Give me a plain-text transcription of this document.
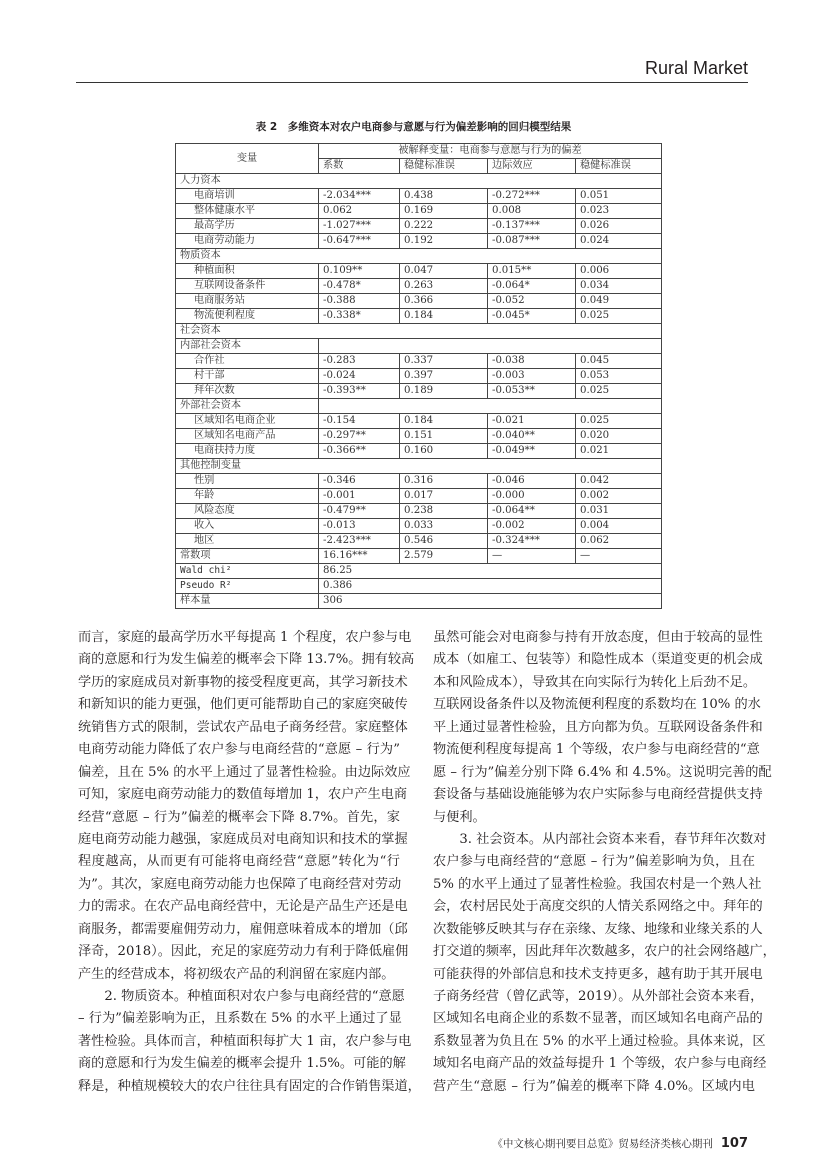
Rural Market
表 2　多维资本对农户电商参与意愿与行为偏差影响的回归模型结果
变量	被解释变量：电商参与意愿与行为的偏差			
	系数	稳健标准误	边际效应	稳健标准误
人力资本				
电商培训	-2.034***	0.438	-0.272***	0.051
整体健康水平	0.062	0.169	0.008	0.023
最高学历	-1.027***	0.222	-0.137***	0.026
电商劳动能力	-0.647***	0.192	-0.087***	0.024
物质资本				
种植面积	0.109**	0.047	0.015**	0.006
互联网设备条件	-0.478*	0.263	-0.064*	0.034
电商服务站	-0.388	0.366	-0.052	0.049
物流便利程度	-0.338*	0.184	-0.045*	0.025
社会资本				
内部社会资本				
合作社	-0.283	0.337	-0.038	0.045
村干部	-0.024	0.397	-0.003	0.053
拜年次数	-0.393**	0.189	-0.053**	0.025
外部社会资本				
区域知名电商企业	-0.154	0.184	-0.021	0.025
区域知名电商产品	-0.297**	0.151	-0.040**	0.020
电商扶持力度	-0.366**	0.160	-0.049**	0.021
其他控制变量				
性别	-0.346	0.316	-0.046	0.042
年龄	-0.001	0.017	-0.000	0.002
风险态度	-0.479**	0.238	-0.064**	0.031
收入	-0.013	0.033	-0.002	0.004
地区	-2.423***	0.546	-0.324***	0.062
常数项	16.16***	2.579	—	—
Wald chi²	86.25			
Pseudo R²	0.386			
样本量	306			
而言，家庭的最高学历水平每提高 1 个程度，农户参与电
商的意愿和行为发生偏差的概率会下降 13.7%。拥有较高
学历的家庭成员对新事物的接受程度更高，其学习新技术
和新知识的能力更强，他们更可能帮助自己的家庭突破传
统销售方式的限制，尝试农产品电子商务经营。家庭整体
电商劳动能力降低了农户参与电商经营的“意愿 – 行为”
偏差，且在 5% 的水平上通过了显著性检验。由边际效应
可知，家庭电商劳动能力的数值每增加 1，农户产生电商
经营“意愿 – 行为”偏差的概率会下降 8.7%。首先，家
庭电商劳动能力越强，家庭成员对电商知识和技术的掌握
程度越高，从而更有可能将电商经营“意愿”转化为“行
为”。其次，家庭电商劳动能力也保障了电商经营对劳动
力的需求。在农产品电商经营中，无论是产品生产还是电
商服务，都需要雇佣劳动力，雇佣意味着成本的增加（邱
泽奇，2018）。因此，充足的家庭劳动力有利于降低雇佣
产生的经营成本，将初级农产品的利润留在家庭内部。
　　2. 物质资本。种植面积对农户参与电商经营的“意愿
– 行为”偏差影响为正，且系数在 5% 的水平上通过了显
著性检验。具体而言，种植面积每扩大 1 亩，农户参与电
商的意愿和行为发生偏差的概率会提升 1.5%。可能的解
释是，种植规模较大的农户往往具有固定的合作销售渠道，
虽然可能会对电商参与持有开放态度，但由于较高的显性
成本（如雇工、包装等）和隐性成本（渠道变更的机会成
本和风险成本），导致其在向实际行为转化上后劲不足。
互联网设备条件以及物流便利程度的系数均在 10% 的水
平上通过显著性检验，且方向都为负。互联网设备条件和
物流便利程度每提高 1 个等级，农户参与电商经营的“意
愿 – 行为”偏差分别下降 6.4% 和 4.5%。这说明完善的配
套设备与基础设施能够为农户实际参与电商经营提供支持
与便利。
　　3. 社会资本。从内部社会资本来看，春节拜年次数对
农户参与电商经营的“意愿 – 行为”偏差影响为负，且在
5% 的水平上通过了显著性检验。我国农村是一个熟人社
会，农村居民处于高度交织的人情关系网络之中。拜年的
次数能够反映其与存在亲缘、友缘、地缘和业缘关系的人
打交道的频率，因此拜年次数越多，农户的社会网络越广，
可能获得的外部信息和技术支持更多，越有助于其开展电
子商务经营（曾亿武等，2019）。从外部社会资本来看，
区域知名电商企业的系数不显著，而区域知名电商产品的
系数显著为负且在 5% 的水平上通过检验。具体来说，区
域知名电商产品的效益每提升 1 个等级，农户参与电商经
营产生“意愿 – 行为”偏差的概率下降 4.0%。区域内电
《中文核心期刊要目总览》贸易经济类核心期刊 107
